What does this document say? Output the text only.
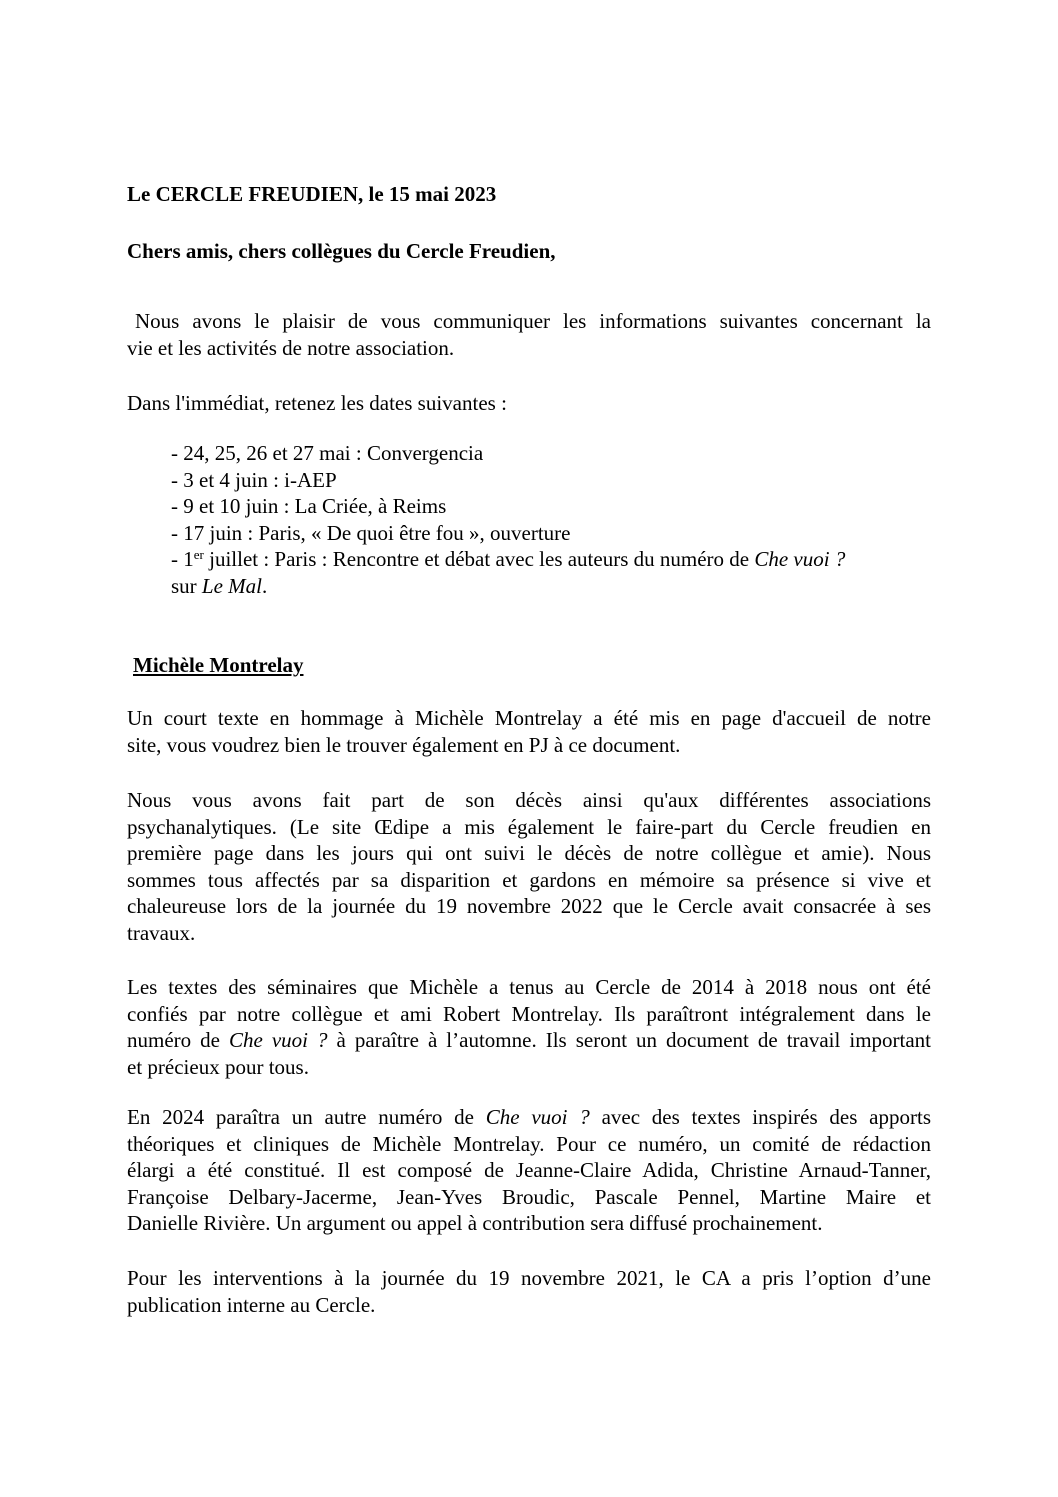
Le CERCLE FREUDIEN, le 15 mai 2023
Chers amis, chers collègues du Cercle Freudien,
Nous avons le plaisir de vous communiquer les informations suivantes concernant la
vie et les activités de notre association.
Dans l'immédiat, retenez les dates suivantes :
- 24, 25, 26 et 27 mai : Convergencia
- 3 et 4 juin : i-AEP
- 9 et 10 juin : La Criée, à Reims
- 17 juin : Paris, « De quoi être fou », ouverture
- 1er juillet : Paris : Rencontre et débat avec les auteurs du numéro de Che vuoi ?
sur Le Mal.
Michèle Montrelay
Un court texte en hommage à Michèle Montrelay a été mis en page d'accueil de notre
site, vous voudrez bien le trouver également en PJ à ce document.
Nous vous avons fait part de son décès ainsi qu'aux différentes associations
psychanalytiques. (Le site Œdipe a mis également le faire-part du Cercle freudien en
première page dans les jours qui ont suivi le décès de notre collègue et amie). Nous
sommes tous affectés par sa disparition et gardons en mémoire sa présence si vive et
chaleureuse lors de la journée du 19 novembre 2022 que le Cercle avait consacrée à ses
travaux.
Les textes des séminaires que Michèle a tenus au Cercle de 2014 à 2018 nous ont été
confiés par notre collègue et ami Robert Montrelay. Ils paraîtront intégralement dans le
numéro de Che vuoi ? à paraître à l’automne. Ils seront un document de travail important
et précieux pour tous.
En 2024 paraîtra un autre numéro de Che vuoi ? avec des textes inspirés des apports
théoriques et cliniques de Michèle Montrelay. Pour ce numéro, un comité de rédaction
élargi a été constitué. Il est composé de Jeanne-Claire Adida, Christine Arnaud-Tanner,
Françoise Delbary-Jacerme, Jean-Yves Broudic, Pascale Pennel, Martine Maire et
Danielle Rivière. Un argument ou appel à contribution sera diffusé prochainement.
Pour les interventions à la journée du 19 novembre 2021, le CA a pris l’option d’une
publication interne au Cercle.
